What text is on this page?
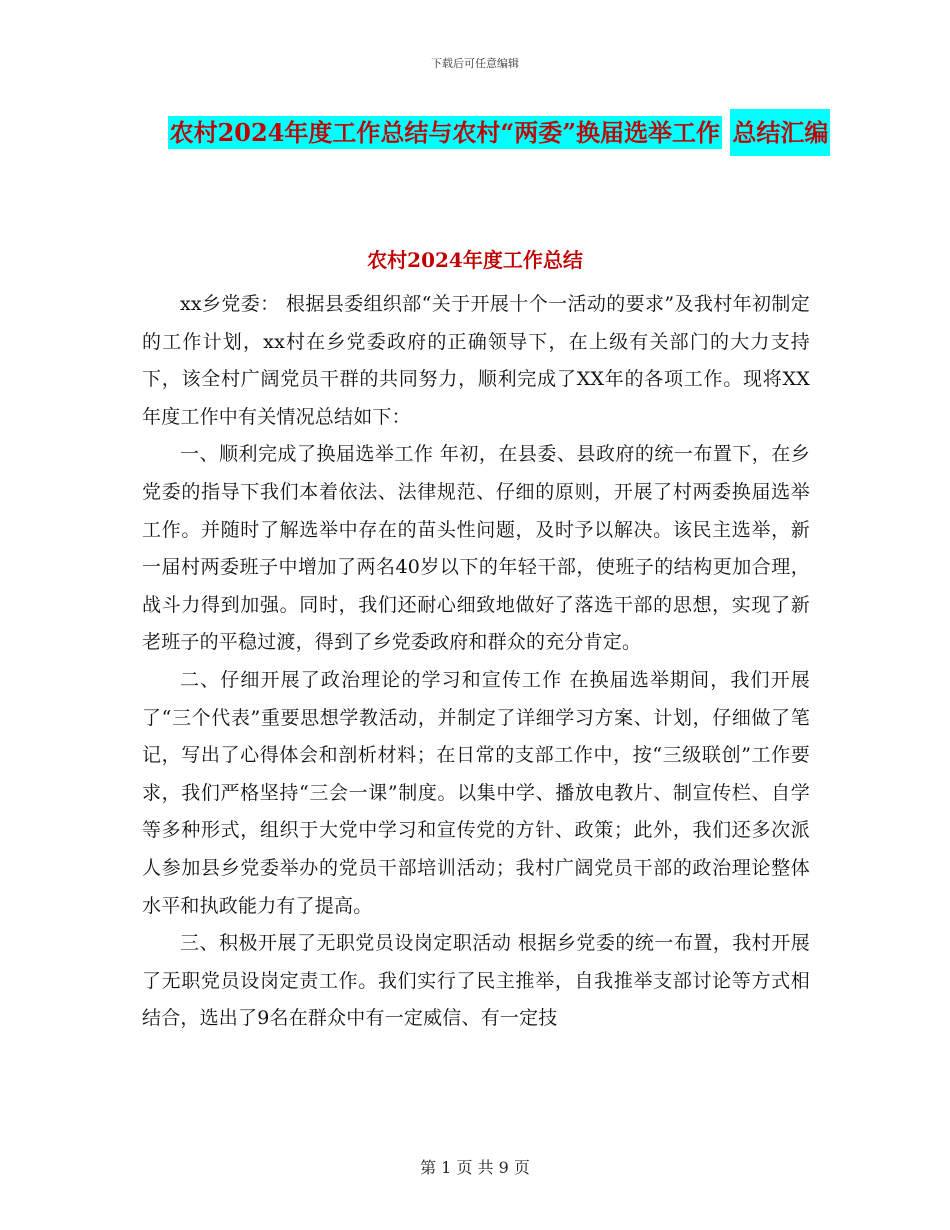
下载后可任意编辑
农村2024年度工作总结与农村“两委”换届选举工作 总结汇编
农村2024年度工作总结

xx乡党委： 根据县委组织部“关于开展十个一活动的要求”及我村年初制定的工作计划，xx村在乡党委政府的正确领导下，在上级有关部门的大力支持下，该全村广阔党员干群的共同努力，顺利完成了XX年的各项工作。现将XX年度工作中有关情况总结如下：

一、顺利完成了换届选举工作 年初，在县委、县政府的统一布置下，在乡党委的指导下我们本着依法、法律规范、仔细的原则，开展了村两委换届选举工作。并随时了解选举中存在的苗头性问题，及时予以解决。该民主选举，新一届村两委班子中增加了两名40岁以下的年轻干部，使班子的结构更加合理，战斗力得到加强。同时，我们还耐心细致地做好了落选干部的思想，实现了新老班子的平稳过渡，得到了乡党委政府和群众的充分肯定。

二、仔细开展了政治理论的学习和宣传工作 在换届选举期间，我们开展了“三个代表”重要思想学教活动，并制定了详细学习方案、计划，仔细做了笔记，写出了心得体会和剖析材料；在日常的支部工作中，按“三级联创”工作要求，我们严格坚持“三会一课”制度。以集中学、播放电教片、制宣传栏、自学等多种形式，组织于大党中学习和宣传党的方针、政策；此外，我们还多次派人参加县乡党委举办的党员干部培训活动；我村广阔党员干部的政治理论整体水平和执政能力有了提高。

三、积极开展了无职党员设岗定职活动 根据乡党委的统一布置，我村开展了无职党员设岗定责工作。我们实行了民主推举，自我推举支部讨论等方式相结合，选出了9名在群众中有一定威信、有一定技

第 1 页 共 9 页
